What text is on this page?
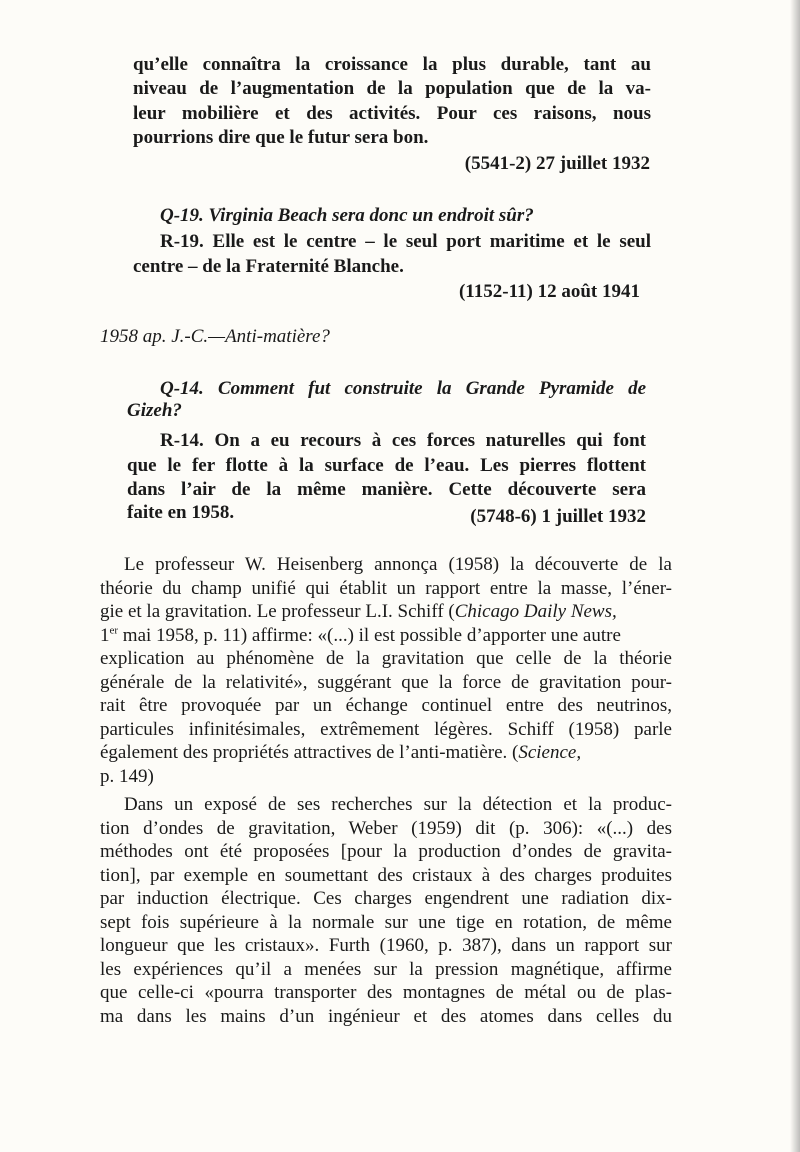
qu’elle connaîtra la croissance la plus durable, tant au
niveau de l’augmentation de la population que de la va-
leur mobilière et des activités. Pour ces raisons, nous
pourrions dire que le futur sera bon.
(5541-2) 27 juillet 1932
Q-19. Virginia Beach sera donc un endroit sûr?
R-19. Elle est le centre – le seul port maritime et le seul
centre – de la Fraternité Blanche.
(1152-11) 12 août 1941
1958 ap. J.-C.—Anti-matière?
Q-14. Comment fut construite la Grande Pyramide de
Gizeh?
R-14. On a eu recours à ces forces naturelles qui font
que le fer flotte à la surface de l’eau. Les pierres flottent
dans l’air de la même manière. Cette découverte sera
faite en 1958.	(5748-6) 1 juillet 1932
Le professeur W. Heisenberg annonça (1958) la découverte de la
théorie du champ unifié qui établit un rapport entre la masse, l’éner-
gie et la gravitation. Le professeur L.I. Schiff (Chicago Daily News,
1er mai 1958, p. 11) affirme: «(...) il est possible d’apporter une autre
explication au phénomène de la gravitation que celle de la théorie
générale de la relativité», suggérant que la force de gravitation pour-
rait être provoquée par un échange continuel entre des neutrinos,
particules infinitésimales, extrêmement légères. Schiff (1958) parle
également des propriétés attractives de l’anti-matière. (Science,
p. 149)
Dans un exposé de ses recherches sur la détection et la produc-
tion d’ondes de gravitation, Weber (1959) dit (p. 306): «(...) des
méthodes ont été proposées [pour la production d’ondes de gravita-
tion], par exemple en soumettant des cristaux à des charges produites
par induction électrique. Ces charges engendrent une radiation dix-
sept fois supérieure à la normale sur une tige en rotation, de même
longueur que les cristaux». Furth (1960, p. 387), dans un rapport sur
les expériences qu’il a menées sur la pression magnétique, affirme
que celle-ci «pourra transporter des montagnes de métal ou de plas-
ma dans les mains d’un ingénieur et des atomes dans celles du
